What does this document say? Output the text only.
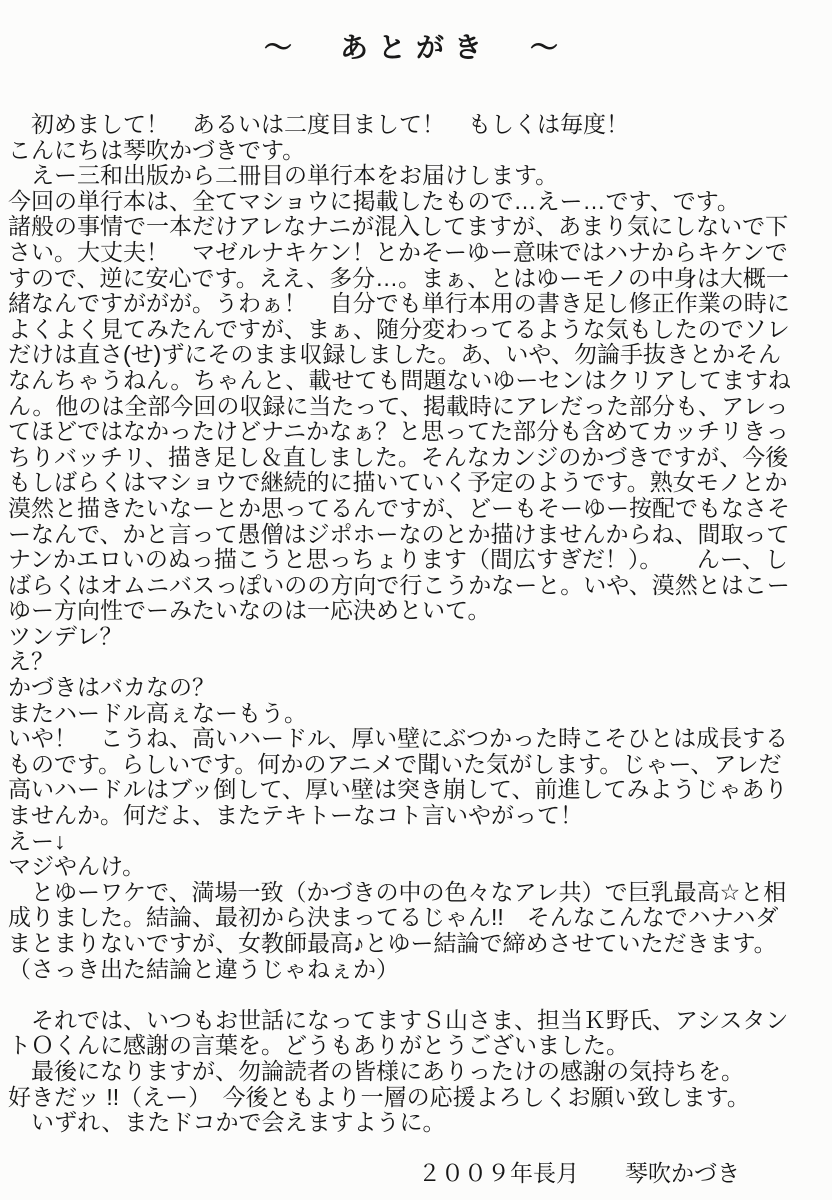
～　あとがき　～
　初めまして！　あるいは二度目まして！　もしくは毎度！
こんにちは琴吹かづきです。
　えー三和出版から二冊目の単行本をお届けします。
今回の単行本は、全てマショウに掲載したもので…えー…です、です。
諸般の事情で一本だけアレなナニが混入してますが、あまり気にしないで下
さい。大丈夫！　マゼルナキケン！とかそーゆー意味ではハナからキケンで
すので、逆に安心です。ええ、多分…。まぁ、とはゆーモノの中身は大概一
緒なんですががが。うわぁ！　自分でも単行本用の書き足し修正作業の時に
よくよく見てみたんですが、まぁ、随分変わってるような気もしたのでソレ
だけは直さ(せ)ずにそのまま収録しました。あ、いや、勿論手抜きとかそん
なんちゃうねん。ちゃんと、載せても問題ないゆーセンはクリアしてますね
ん。他のは全部今回の収録に当たって、掲載時にアレだった部分も、アレっ
てほどではなかったけどナニかなぁ？と思ってた部分も含めてカッチリきっ
ちりバッチリ、描き足し＆直しました。そんなカンジのかづきですが、今後
もしばらくはマショウで継続的に描いていく予定のようです。熟女モノとか
漠然と描きたいなーとか思ってるんですが、どーもそーゆー按配でもなさそ
ーなんで、かと言って愚僧はジポホーなのとか描けませんからね、間取って
ナンかエロいのぬっ描こうと思っちょります（間広すぎだ！）。　　んー、し
ばらくはオムニバスっぽいのの方向で行こうかなーと。いや、漠然とはこー
ゆー方向性でーみたいなのは一応決めといて。
ツンデレ？
え？
かづきはバカなの？
またハードル高ぇなーもう。
いや！　こうね、高いハードル、厚い壁にぶつかった時こそひとは成長する
ものです。らしいです。何かのアニメで聞いた気がします。じゃー、アレだ
高いハードルはブッ倒して、厚い壁は突き崩して、前進してみようじゃあり
ませんか。何だよ、またテキトーなコト言いやがって！
えー↓
マジやんけ。
　とゆーワケで、満場一致（かづきの中の色々なアレ共）で巨乳最高☆と相
成りました。結論、最初から決まってるじゃん!!　そんなこんなでハナハダ
まとまりないですが、女教師最高♪とゆー結論で締めさせていただきます。
（さっき出た結論と違うじゃねぇか）

　それでは、いつもお世話になってますＳ山さま、担当Ｋ野氏、アシスタン
トＯくんに感謝の言葉を。どうもありがとうございました。
　最後になりますが、勿論読者の皆様にありったけの感謝の気持ちを。
好きだッ !!（えー）　今後ともより一層の応援よろしくお願い致します。
　いずれ、またドコかで会えますように。
２００９年長月　　琴吹かづき
